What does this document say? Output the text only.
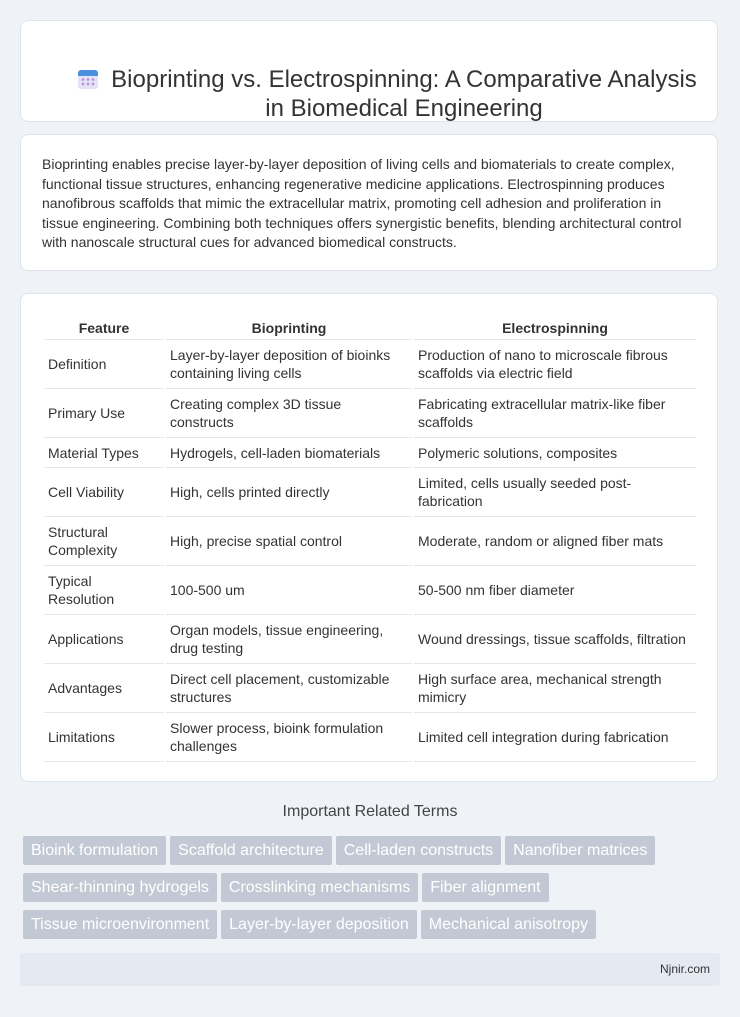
Bioprinting vs. Electrospinning: A Comparative Analysis in Biomedical Engineering

Bioprinting enables precise layer-by-layer deposition of living cells and biomaterials to create complex, functional tissue structures, enhancing regenerative medicine applications. Electrospinning produces nanofibrous scaffolds that mimic the extracellular matrix, promoting cell adhesion and proliferation in tissue engineering. Combining both techniques offers synergistic benefits, blending architectural control with nanoscale structural cues for advanced biomedical constructs.

Feature	Bioprinting	Electrospinning
Definition	Layer-by-layer deposition of bioinks containing living cells	Production of nano to microscale fibrous scaffolds via electric field
Primary Use	Creating complex 3D tissue constructs	Fabricating extracellular matrix-like fiber scaffolds
Material Types	Hydrogels, cell-laden biomaterials	Polymeric solutions, composites
Cell Viability	High, cells printed directly	Limited, cells usually seeded post-fabrication
Structural Complexity	High, precise spatial control	Moderate, random or aligned fiber mats
Typical Resolution	100-500 um	50-500 nm fiber diameter
Applications	Organ models, tissue engineering, drug testing	Wound dressings, tissue scaffolds, filtration
Advantages	Direct cell placement, customizable structures	High surface area, mechanical strength mimicry
Limitations	Slower process, bioink formulation challenges	Limited cell integration during fabrication
Important Related Terms
Bioink formulation Scaffold architecture Cell-laden constructs Nanofiber matricesShear-thinning hydrogels Crosslinking mechanisms Fiber alignmentTissue microenvironment Layer-by-layer deposition Mechanical anisotropy
Njnir.com
